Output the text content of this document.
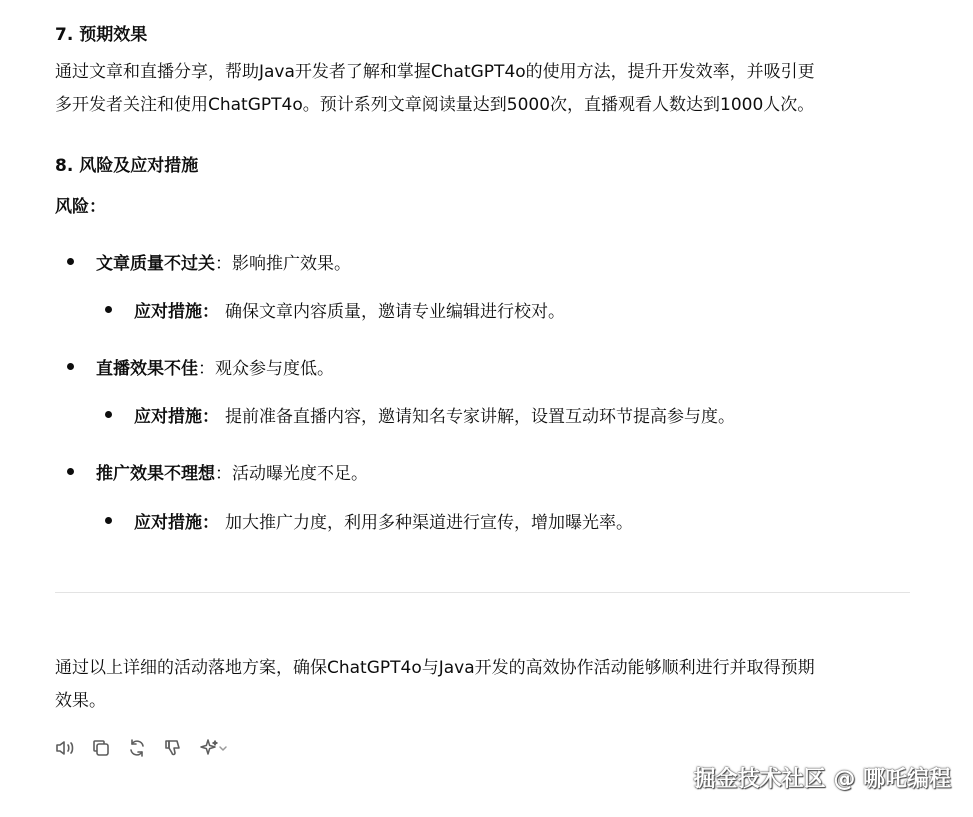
7. 预期效果
通过文章和直播分享，帮助Java开发者了解和掌握ChatGPT4o的使用方法，提升开发效率，并吸引更
多开发者关注和使用ChatGPT4o。预计系列文章阅读量达到5000次，直播观看人数达到1000人次。
8. 风险及应对措施
风险：
文章质量不过关 ：影响推广效果。
应对措施： 确保文章内容质量，邀请专业编辑进行校对。
直播效果不佳 ：观众参与度低。
应对措施： 提前准备直播内容，邀请知名专家讲解，设置互动环节提高参与度。
推广效果不理想 ：活动曝光度不足。
应对措施： 加大推广力度，利用多种渠道进行宣传，增加曝光率。
通过以上详细的活动落地方案，确保ChatGPT4o与Java开发的高效协作活动能够顺利进行并取得预期
效果。
掘金技术社区 @ 哪吒编程
